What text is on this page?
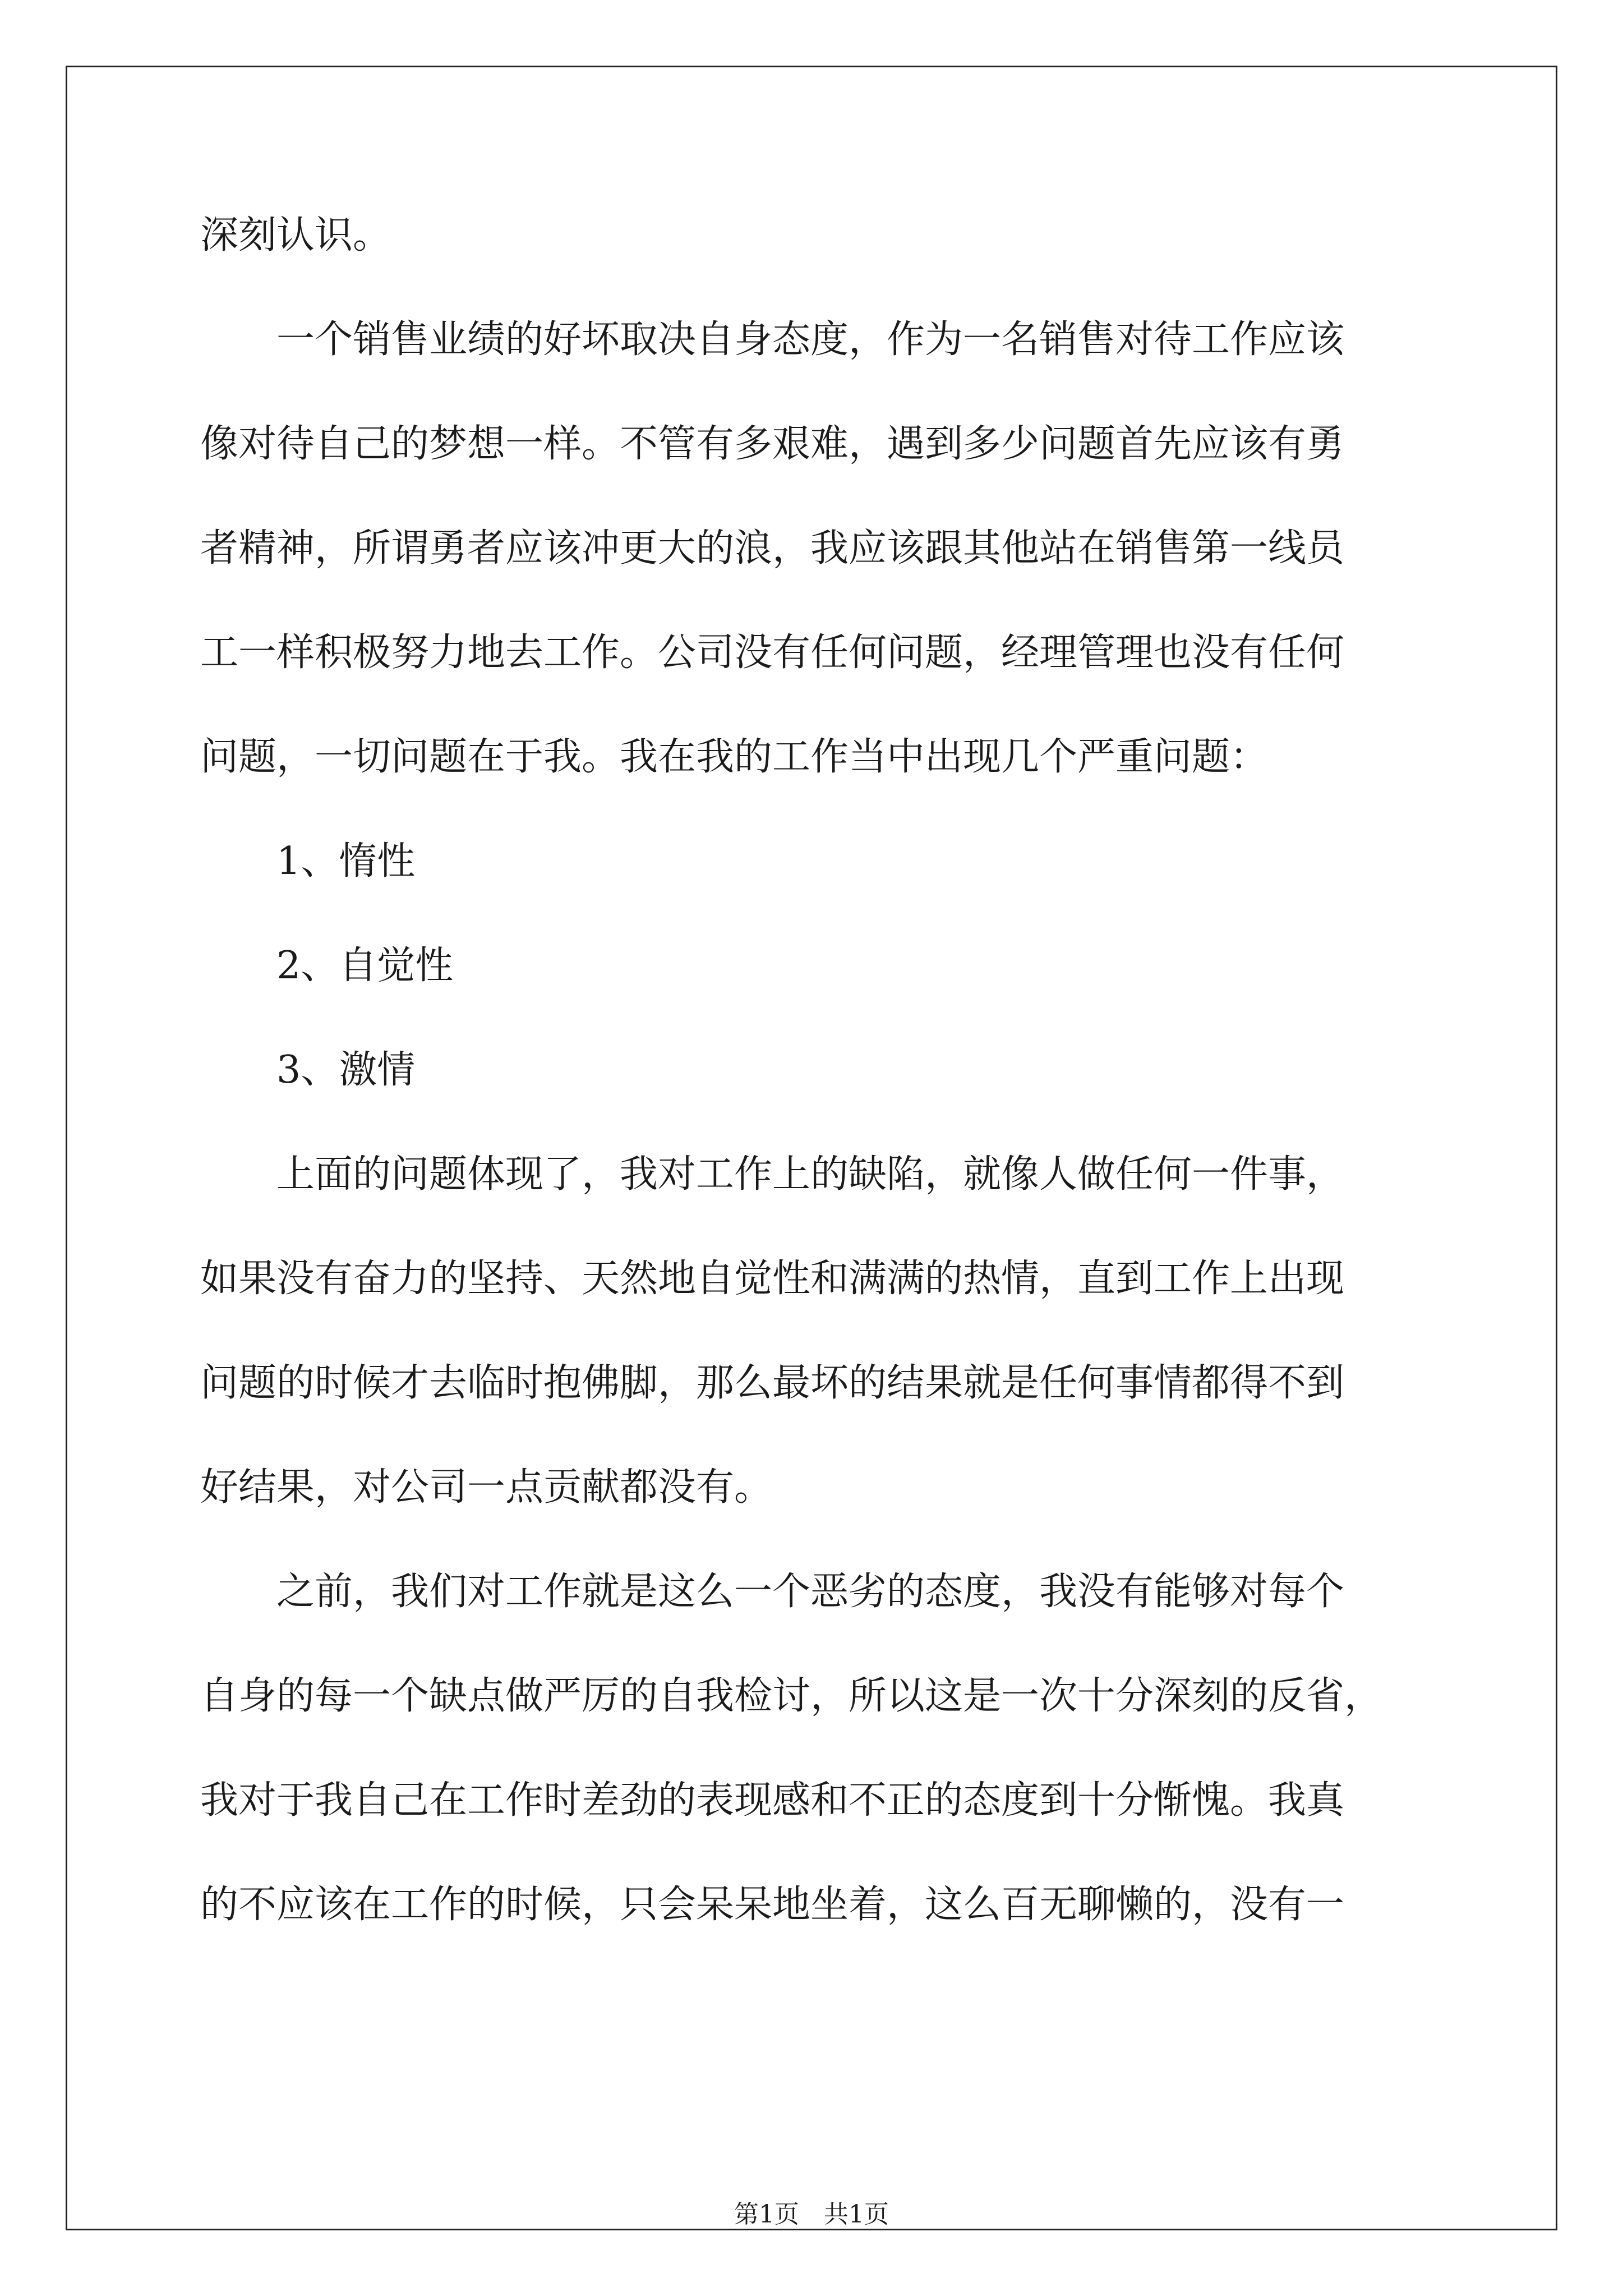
深刻认识。
　　一个销售业绩的好坏取决自身态度，作为一名销售对待工作应该
像对待自己的梦想一样。不管有多艰难，遇到多少问题首先应该有勇
者精神，所谓勇者应该冲更大的浪，我应该跟其他站在销售第一线员
工一样积极努力地去工作。公司没有任何问题，经理管理也没有任何
问题，一切问题在于我。我在我的工作当中出现几个严重问题：
　　1、惰性
　　2、自觉性
　　3、激情
　　上面的问题体现了，我对工作上的缺陷，就像人做任何一件事，
如果没有奋力的坚持、天然地自觉性和满满的热情，直到工作上出现
问题的时候才去临时抱佛脚，那么最坏的结果就是任何事情都得不到
好结果，对公司一点贡献都没有。
　　之前，我们对工作就是这么一个恶劣的态度，我没有能够对每个
自身的每一个缺点做严厉的自我检讨，所以这是一次十分深刻的反省，
我对于我自己在工作时差劲的表现感和不正的态度到十分惭愧。我真
的不应该在工作的时候，只会呆呆地坐着，这么百无聊懒的，没有一
第1页　共1页
